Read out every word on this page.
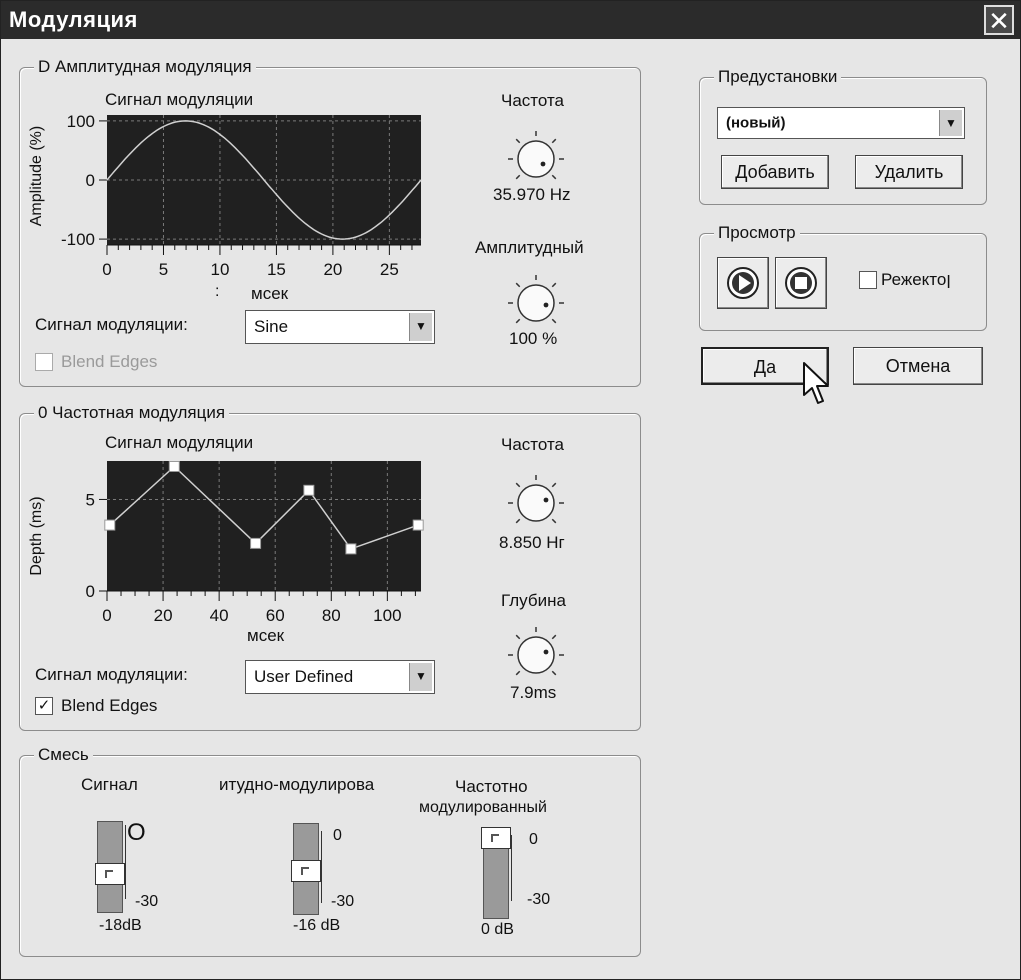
Модуляция	✕
D Амплитудная модуляция
Сигнал модуляции
Amplitude (%)
100
0
-100
0	5 10 15 20 25
: мсек
Сигнал модуляции:	Sine	▼
Blend Edges
Частота
35.970 Hz
Амплитудный
100 %
0 Частотная модуляция
Сигнал модуляции
Depth (ms) 5
0
0 20 40 60 80 100
мсек
Сигнал модуляции:	User Defined	▼
✓ Blend Edges
Частота
8.850 Нг
Глубина
7.9ms
Смесь
Сигнал	итудно-модулирова	Частотно
модулированный
О
-30
-18dB
0
-30
-16 dB
0
-30
0 dB
Предустановки
(новый)	▼
Добавить	Удалить
Просмотр
Режектоן
Да	Отмена
